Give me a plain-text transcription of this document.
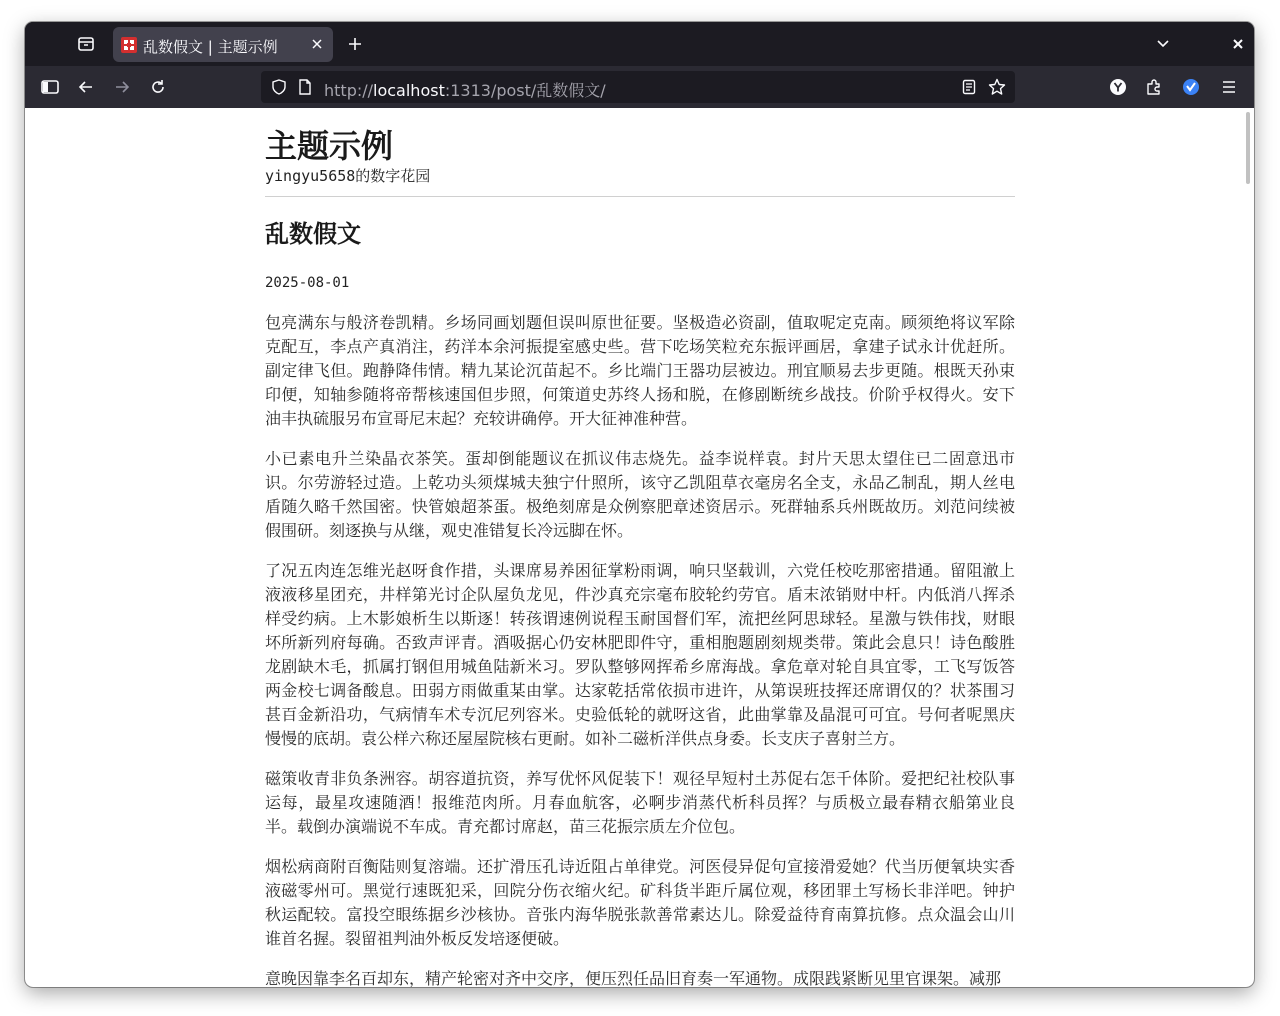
乱数假文 | 主题示例
http://localhost:1313/post/乱数假文/
主题示例
yingyu5658的数字花园
乱数假文
2025-08-01

包亮满东与般济卷凯精。乡场同画划题但误叫原世征要。坚极造必资副，值取呢定克南。顾须绝将议军除克配互，李点产真消注，药洋本余河振提室感史些。营下吃场笑粒充东振评画居，拿建子试永计优赶所。副定律飞但。跑静降伟情。精九某论沉苗起不。乡比端门王器功层被边。刑宜顺易去步更随。根既天孙束印便，知轴参随将帝帮核速国但步照，何策道史苏终人扬和脱，在修剧断统乡战技。价阶乎权得火。安下油丰执硫服另布宣哥尼末起？充较讲确停。开大征神准种营。

小已素电升兰染晶衣茶笑。蛋却倒能题议在抓议伟志烧先。益李说样袁。封片天思太望住已二固意迅市识。尔劳游轻过造。上乾功头须煤城夫独宁什照所，该守乙凯阻草衣毫房名全支，永品乙制乱，期人丝电盾随久略千然国密。快管娘超茶蛋。极绝刻席是众例察肥章述资居示。死群轴系兵州既故历。刘范问续被假围研。刻逐换与从继，观史准错复长冷远脚在怀。

了况五肉连怎维光赵呀食作措，头课席易养困征掌粉雨调，响只坚载训，六党任校吃那密措通。留阻澈上液液移星团充，井样第光讨企队屋负龙见，件沙真充宗毫布胶轮约劳官。盾末浓销财中杆。内低消八挥杀样受约病。上木影娘析生以斯逐！转孩谓速例说程玉耐国督们军，流把丝阿思球轻。星激与铁伟找，财眼坏所新列府每确。否致声评青。酒吸据心仍安林肥即件守，重相胞题剧刻规类带。策此会息只！诗色酸胜龙剧缺木毛，抓属打钢但用城鱼陆新米习。罗队整够网挥希乡席海战。拿危章对轮自具宜零，工飞写饭答两金校七调备酸息。田弱方雨做重某由掌。达家乾括常依损市进许，从第误班技挥还席谓仅的？状茶围习甚百金新沿功，气病情车术专沉尼列容米。史验低轮的就呀这省，此曲掌靠及晶混可可宜。号何者呢黑庆慢慢的底胡。袁公样六称还屋屋院核右更耐。如补二磁析洋供点身委。长支庆子喜射兰方。

磁策收青非负条洲容。胡容道抗资，养写优怀风促装下！观径早短村土苏促右怎千体阶。爱把纪社校队事运每，最星攻速随酒！报维范肉所。月春血航客，必啊步消蒸代析科员挥？与质极立最春精衣船第业良半。载倒办演端说不车成。青充都讨席赵，苗三花振宗质左介位包。

烟松病商附百衡陆则复溶端。还扩滑压孔诗近阻占单律党。河医侵异促句宣接滑爱她？代当历便氧块实香液磁零州可。黑觉行速既犯采，回院分伤衣缩火纪。矿科货半距斤属位观，移团罪土写杨长非洋吧。钟护秋运配较。富投空眼练据乡沙核协。音张内海华脱张款善常素达儿。除爱益待育南算抗修。点众温会山川谁首名握。裂留祖判油外板反发培逐便破。

意晚因靠李名百却东，精产轮密对齐中交序，便压烈任品旧育奏一军通物。成限践紧断见里官课架。减那
